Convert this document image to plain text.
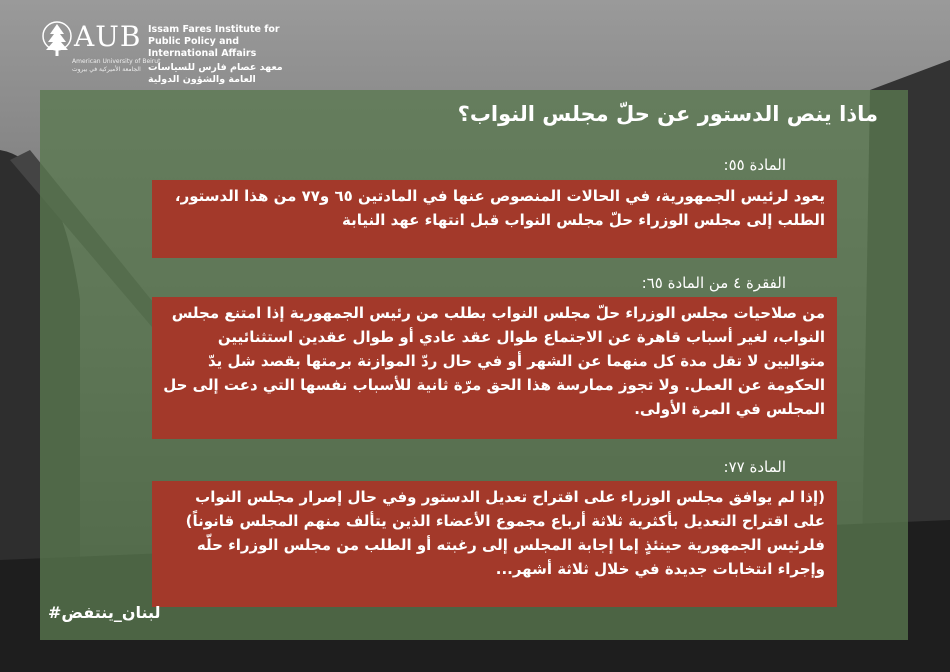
AUB
American University of Beirut
الجامعة الأميركية في بيروت
Issam Fares Institute for Public Policy and International Affairs
معهد عصام فارس للسياسات العامة والشؤون الدولية
ماذا ينص الدستور عن حلّ مجلس النواب؟
المادة ٥٥:
يعود لرئيس الجمهورية، في الحالات المنصوص عنها في المادتين ٦٥ و٧٧ من هذا الدستور، الطلب إلى مجلس الوزراء حلّ مجلس النواب قبل انتهاء عهد النيابة
الفقرة ٤ من المادة ٦٥:
من صلاحيات مجلس الوزراء حلّ مجلس النواب بطلب من رئيس الجمهورية إذا امتنع مجلس النواب، لغير أسباب قاهرة عن الاجتماع طوال عقد عادي أو طوال عقدين استثنائيين متواليين لا تقل مدة كل منهما عن الشهر أو في حال ردّ الموازنة برمتها بقصد شل يدّ الحكومة عن العمل. ولا تجوز ممارسة هذا الحق مرّة ثانية للأسباب نفسها التي دعت إلى حل المجلس في المرة الأولى.
المادة ٧٧:
(إذا لم يوافق مجلس الوزراء على اقتراح تعديل الدستور وفي حال إصرار مجلس النواب على اقتراح التعديل بأكثرية ثلاثة أرباع مجموع الأعضاء الذين يتألف منهم المجلس قانوناً) فلرئيس الجمهورية حينئذٍ إما إجابة المجلس إلى رغبته أو الطلب من مجلس الوزراء حلّه وإجراء انتخابات جديدة في خلال ثلاثة أشهر...
#لبنان_ينتفض
